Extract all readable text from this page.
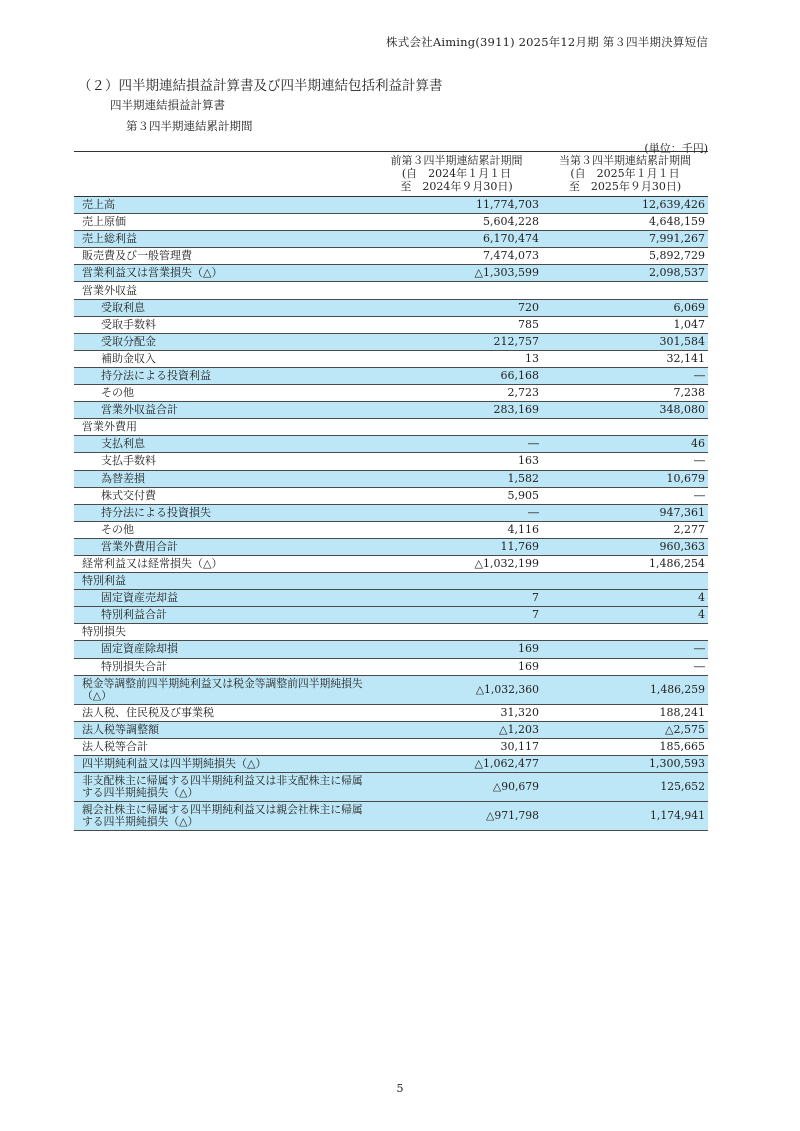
株式会社Aiming(3911) 2025年12月期 第３四半期決算短信
（２）四半期連結損益計算書及び四半期連結包括利益計算書
四半期連結損益計算書
第３四半期連結累計期間
(単位：千円)

	前第３四半期連結累計期間
(自　2024年１月１日
至　2024年９月30日)	当第３四半期連結累計期間
(自　2025年１月１日
至　2025年９月30日)

売上高	11,774,703	12,639,426
売上原価	5,604,228	4,648,159
売上総利益	6,170,474	7,991,267
販売費及び一般管理費	7,474,073	5,892,729
営業利益又は営業損失（△）	△1,303,599	2,098,537
営業外収益		
受取利息	720	6,069
受取手数料	785	1,047
受取分配金	212,757	301,584
補助金収入	13	32,141
持分法による投資利益	66,168	―
その他	2,723	7,238
営業外収益合計	283,169	348,080
営業外費用		
支払利息	―	46
支払手数料	163	―
為替差損	1,582	10,679
株式交付費	5,905	―
持分法による投資損失	―	947,361
その他	4,116	2,277
営業外費用合計	11,769	960,363
経常利益又は経常損失（△）	△1,032,199	1,486,254
特別利益		
固定資産売却益	7	4
特別利益合計	7	4
特別損失		
固定資産除却損	169	―
特別損失合計	169	―
税金等調整前四半期純利益又は税金等調整前四半期純損失（△）	△1,032,360	1,486,259
法人税、住民税及び事業税	31,320	188,241
法人税等調整額	△1,203	△2,575
法人税等合計	30,117	185,665
四半期純利益又は四半期純損失（△）	△1,062,477	1,300,593
非支配株主に帰属する四半期純利益又は非支配株主に帰属する四半期純損失（△）	△90,679	125,652
親会社株主に帰属する四半期純利益又は親会社株主に帰属する四半期純損失（△）	△971,798	1,174,941
5
